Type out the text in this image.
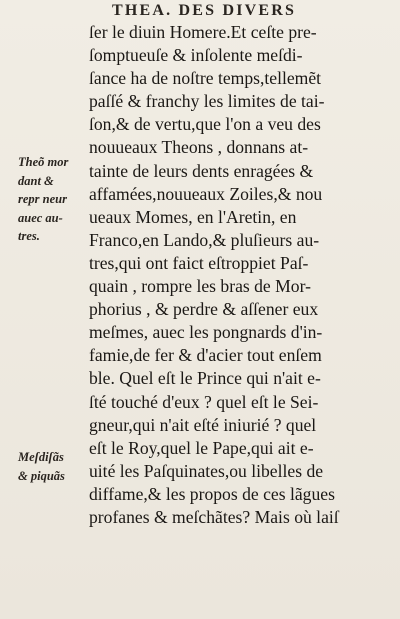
THEA. DES DIVERS
ſer le diuin Homere.Et ceſte pre-
ſomptueuſe & inſolente meſdi-
ſance ha de noſtre temps,tellemẽt
paſſé & franchy les limites de tai-
ſon,& de vertu,que l'on a veu des
nouueaux Theons , donnans at-
tainte de leurs dents enragées &
affamées,nouueaux Zoiles,& nou
ueaux Momes, en l'Aretin, en
Franco,en Lando,& pluſieurs au-
tres,qui ont faict eſtroppiet Paſ-
quain , rompre les bras de Mor-
phorius , & perdre & aſſener eux
meſmes, auec les pongnards d'in-
famie,de fer & d'acier tout enſem
ble. Quel eſt le Prince qui n'ait e-
ſté touché d'eux ? quel eſt le Sei-
gneur,qui n'ait eſté iniurié ? quel
eſt le Roy,quel le Pape,qui ait e-
uité les Paſquinates,ou libelles de
diffame,& les propos de ces lãgues
profanes & meſchãtes? Mais où laiſ
Theõ mor
dant &
repr neur
auec au-
tres.
Meſdiſãs
& piquãs
